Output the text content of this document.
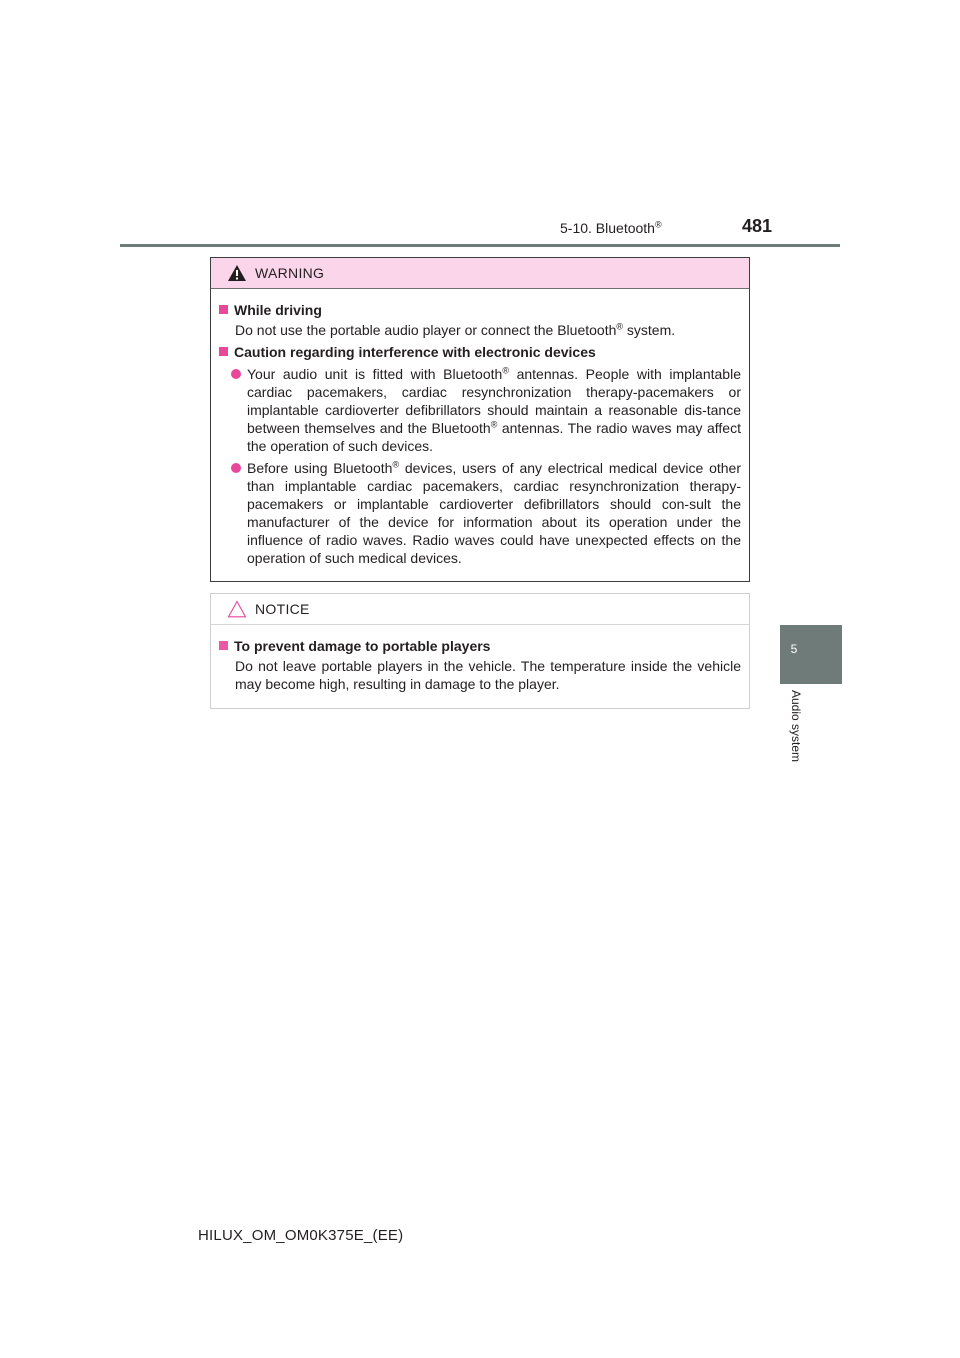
5-10. Bluetooth®	481
5
Audio system
WARNING
While driving
Do not use the portable audio player or connect the Bluetooth® system.
Caution regarding interference with electronic devices
Your audio unit is fitted with Bluetooth® antennas. People with implantable cardiac pacemakers, cardiac resynchronization therapy-pacemakers or implantable cardioverter defibrillators should maintain a reasonable dis-tance between themselves and the Bluetooth® antennas. The radio waves may affect the operation of such devices.
Before using Bluetooth® devices, users of any electrical medical device other than implantable cardiac pacemakers, cardiac resynchronization therapy-pacemakers or implantable cardioverter defibrillators should con-sult the manufacturer of the device for information about its operation under the influence of radio waves. Radio waves could have unexpected effects on the operation of such medical devices.
NOTICE
To prevent damage to portable players
Do not leave portable players in the vehicle. The temperature inside the vehicle may become high, resulting in damage to the player.
HILUX_OM_OM0K375E_(EE)
